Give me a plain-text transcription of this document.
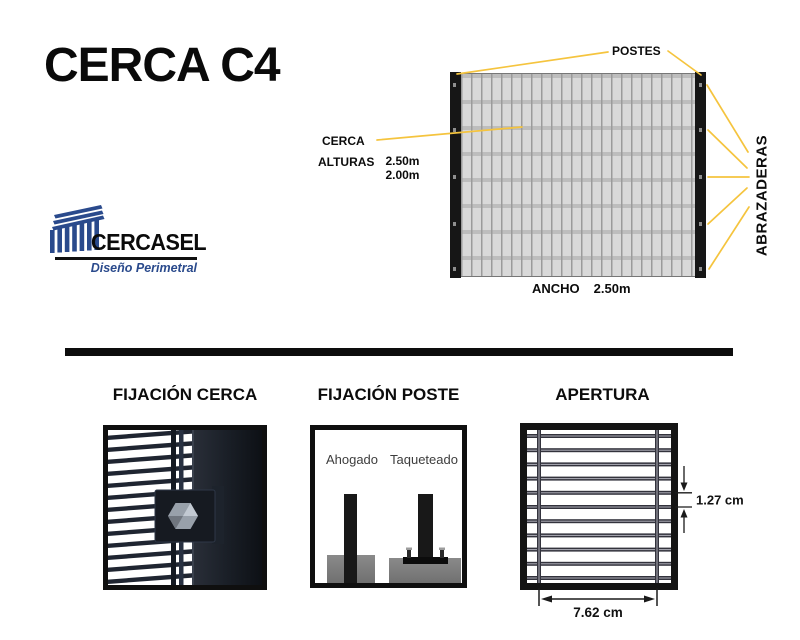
CERCA C4
CERCASEL
Diseño Perimetral
POSTES
CERCA
ALTURAS 2.50m
2.00m	ABRAZADERAS
ANCHO 2.50m
FIJACIÓN CERCA	FIJACIÓN POSTE	APERTURA
Ahogado Taqueteado
7.62 cm
1.27 cm
